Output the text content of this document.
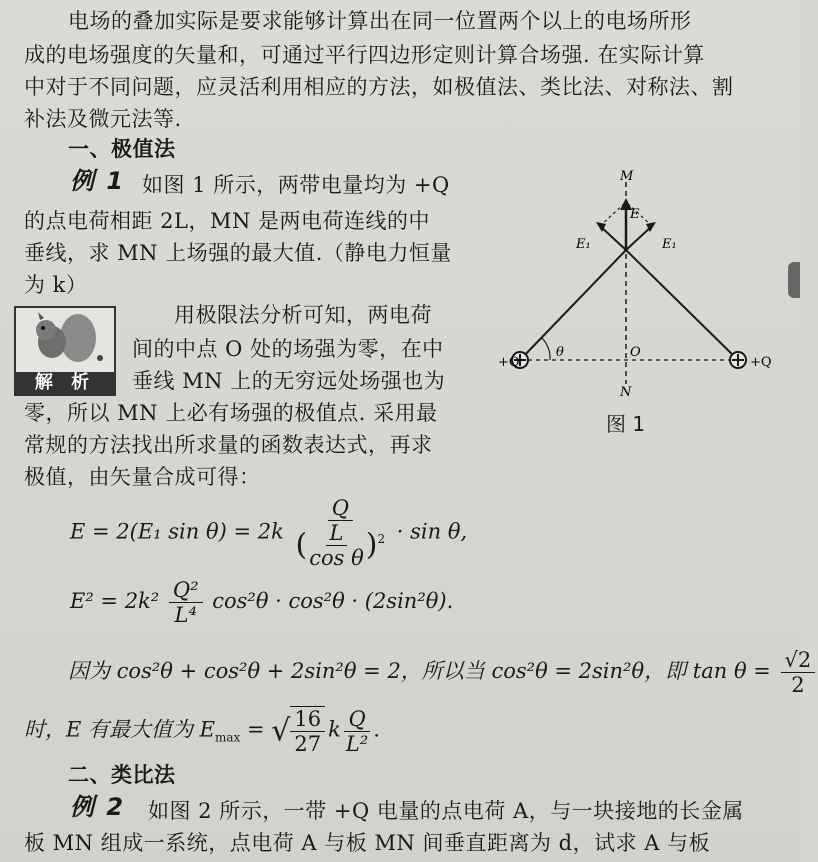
电场的叠加实际是要求能够计算出在同一位置两个以上的电场所形
成的电场强度的矢量和，可通过平行四边形定则计算合场强. 在实际计算
中对于不同问题，应灵活利用相应的方法，如极值法、类比法、对称法、割
补法及微元法等.
一、极值法
例 1 如图 1 所示，两带电量均为 +Q
的点电荷相距 2L，MN 是两电荷连线的中
垂线，求 MN 上场强的最大值.（静电力恒量
为 k）
解 析
用极限法分析可知，两电荷
间的中点 O 处的场强为零，在中
垂线 MN 上的无穷远处场强也为
零，所以 MN 上必有场强的极值点. 采用最
常规的方法找出所求量的函数表达式，再求
极值，由矢量合成可得：
E = 2(E₁ $\sin \theta) = 2k \frac{Q}{( \frac{L}{\text{cos θ}} )^2} \cdot \sin \theta$,
$E^2 = 2k^2 \frac{\text{Q²}}{\text{L⁴}} \cos^2\theta \cdot \cos^2\theta \cdot (2\sin^2\theta)$.
因为 cos²θ + cos²θ + 2sin²θ = 2，所以当 cos²θ = 2sin²θ，即 $\tan \theta = \frac{√2}{2}$
时，E 有最大值为 $E_{max}$ = √ $\frac{16}{27}$ k $\frac{Q}{\text{L²}}$ .
二、类比法
例 2 如图 2 所示，一带 +Q 电量的点电荷 A，与一块接地的长金属
板 MN 组成一系统，点电荷 A 与板 MN 间垂直距离为 d，试求 A 与板
M
N
O
E
E₁	E₁
θ
+Q	+Q
图 1
